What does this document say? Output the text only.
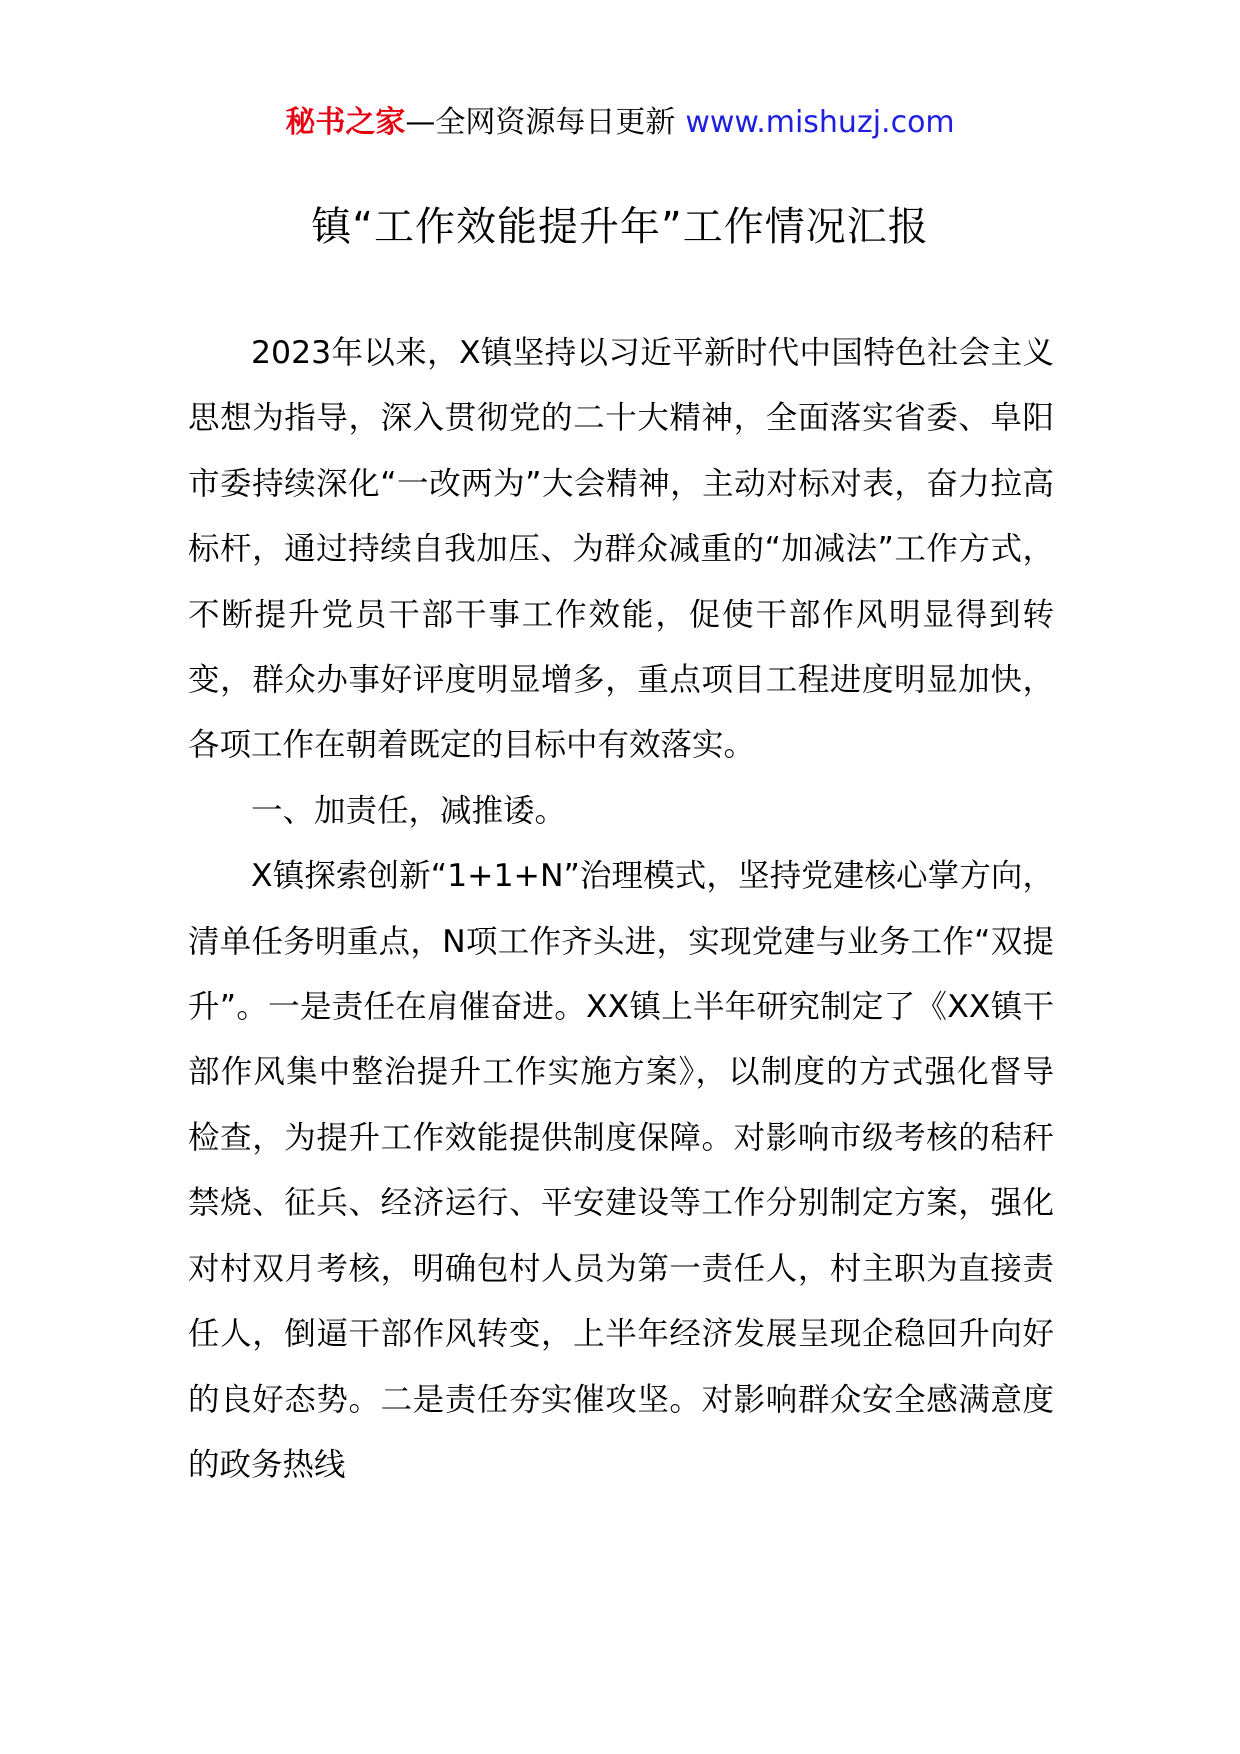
秘书之家—全网资源每日更新 www.mishuzj.com
镇“工作效能提升年”工作情况汇报

2023年以来，X镇坚持以习近平新时代中国特色社会主义思想为指导，深入贯彻党的二十大精神，全面落实省委、阜阳市委持续深化“一改两为”大会精神，主动对标对表，奋力拉高标杆，通过持续自我加压、为群众减重的“加减法”工作方式，不断提升党员干部干事工作效能，促使干部作风明显得到转变，群众办事好评度明显增多，重点项目工程进度明显加快，各项工作在朝着既定的目标中有效落实。

一、加责任，减推诿。

X镇探索创新“1+1+N”治理模式，坚持党建核心掌方向，清单任务明重点，N项工作齐头进，实现党建与业务工作“双提升”。一是责任在肩催奋进。XX镇上半年研究制定了《XX镇干部作风集中整治提升工作实施方案》，以制度的方式强化督导检查，为提升工作效能提供制度保障。对影响市级考核的秸秆禁烧、征兵、经济运行、平安建设等工作分别制定方案，强化对村双月考核，明确包村人员为第一责任人，村主职为直接责任人，倒逼干部作风转变，上半年经济发展呈现企稳回升向好的良好态势。二是责任夯实催攻坚。对影响群众安全感满意度的政务热线
